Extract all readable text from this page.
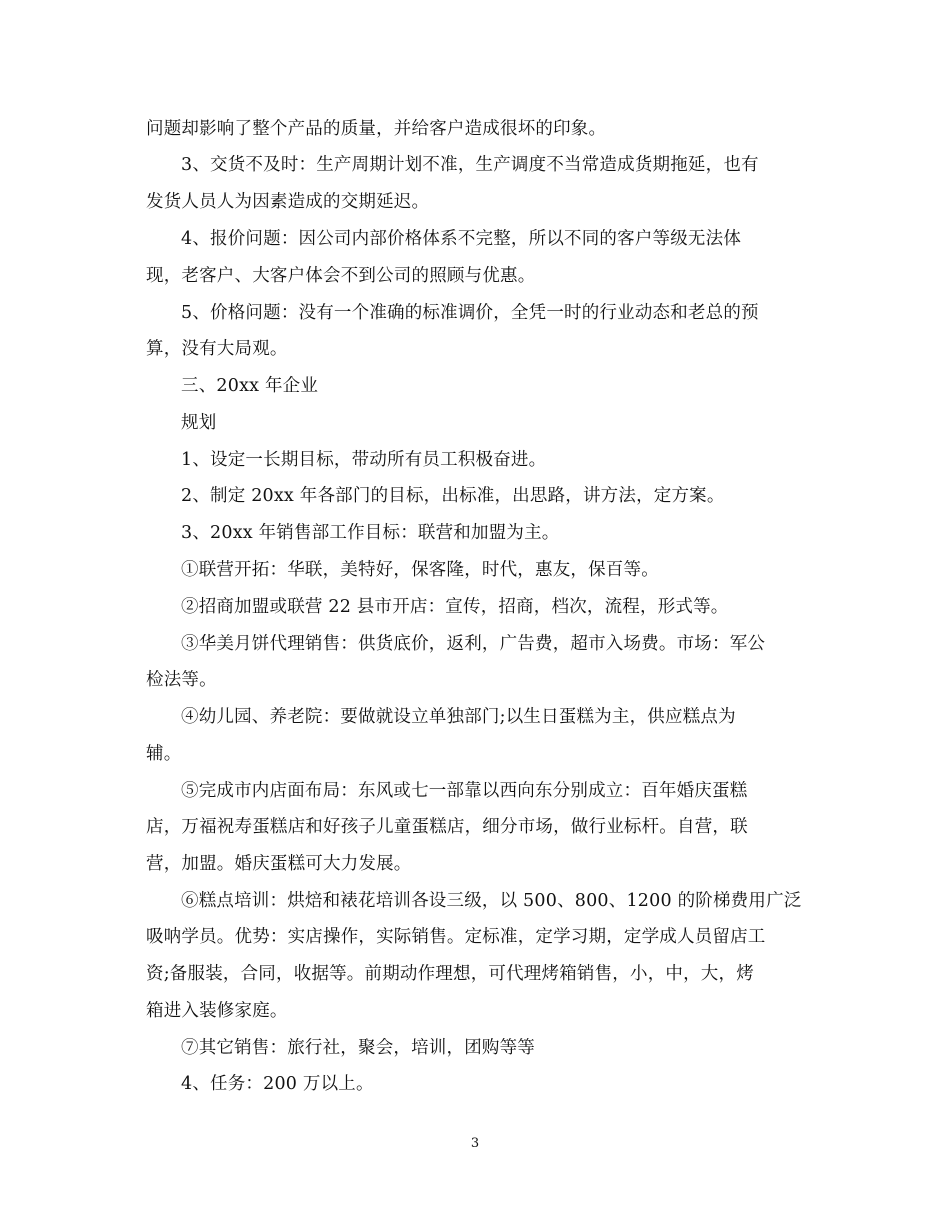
问题却影响了整个产品的质量，并给客户造成很坏的印象。
3、交货不及时：生产周期计划不准，生产调度不当常造成货期拖延，也有
发货人员人为因素造成的交期延迟。
4、报价问题：因公司内部价格体系不完整，所以不同的客户等级无法体
现，老客户、大客户体会不到公司的照顾与优惠。
5、价格问题：没有一个准确的标准调价，全凭一时的行业动态和老总的预
算，没有大局观。
三、20xx 年企业
规划
1、设定一长期目标，带动所有员工积极奋进。
2、制定 20xx 年各部门的目标，出标准，出思路，讲方法，定方案。
3、20xx 年销售部工作目标：联营和加盟为主。
①联营开拓：华联，美特好，保客隆，时代，惠友，保百等。
②招商加盟或联营 22 县市开店：宣传，招商，档次，流程，形式等。
③华美月饼代理销售：供货底价，返利，广告费，超市入场费。市场：军公
检法等。
④幼儿园、养老院：要做就设立单独部门;以生日蛋糕为主，供应糕点为
辅。
⑤完成市内店面布局：东风或七一部靠以西向东分别成立：百年婚庆蛋糕
店，万福祝寿蛋糕店和好孩子儿童蛋糕店，细分市场，做行业标杆。自营，联
营，加盟。婚庆蛋糕可大力发展。
⑥糕点培训：烘焙和裱花培训各设三级，以 500、800、1200 的阶梯费用广泛
吸呐学员。优势：实店操作，实际销售。定标准，定学习期，定学成人员留店工
资;备服装，合同，收据等。前期动作理想，可代理烤箱销售，小，中，大，烤
箱进入装修家庭。
⑦其它销售：旅行社，聚会，培训，团购等等
4、任务：200 万以上。
3
